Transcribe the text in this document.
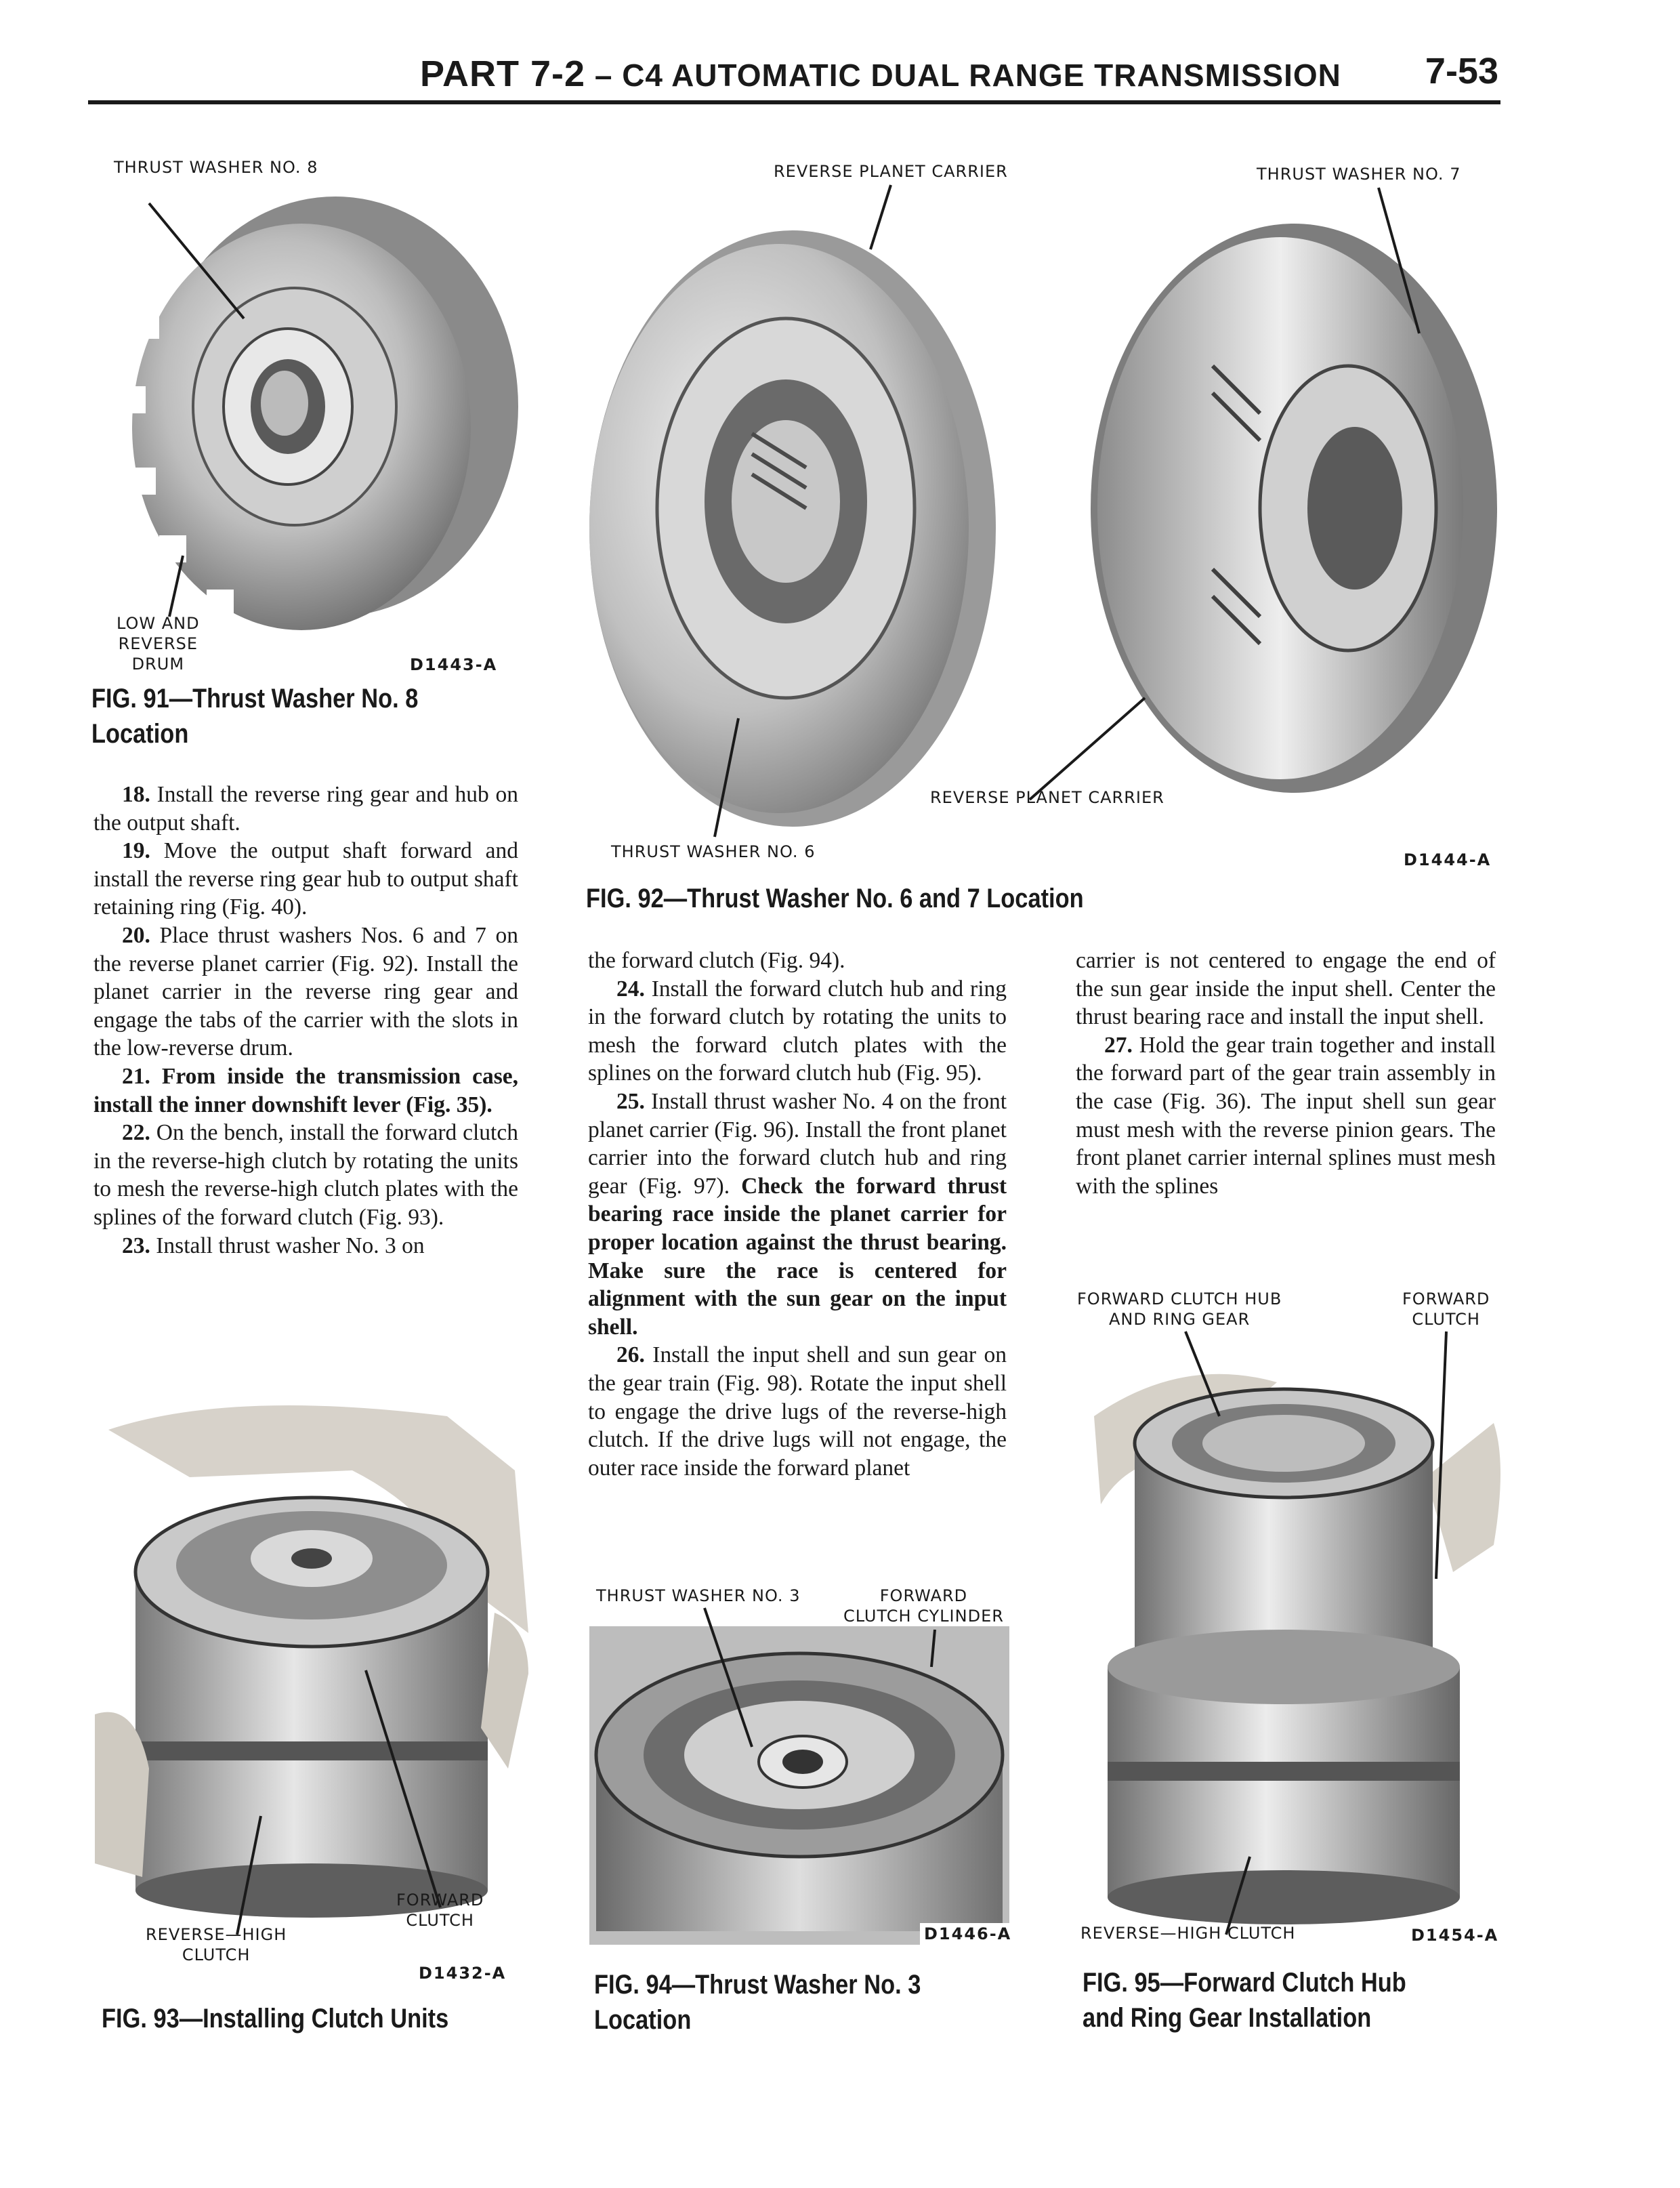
PART 7-2 – C4 AUTOMATIC DUAL RANGE TRANSMISSION 7-53
THRUST WASHER NO. 8
LOW AND
REVERSE
DRUM	D1443-A
FIG. 91—Thrust Washer No. 8
Location
REVERSE PLANET CARRIER	THRUST WASHER NO. 7
REVERSE PLANET CARRIER
THRUST WASHER NO. 6	D1444-A
FIG. 92—Thrust Washer No. 6 and 7 Location

18. Install the reverse ring gear and hub on the output shaft.

19. Move the output shaft forward and install the reverse ring gear hub to output shaft retaining ring (Fig. 40).

20. Place thrust washers Nos. 6 and 7 on the reverse planet carrier (Fig. 92). Install the planet carrier in the reverse ring gear and engage the tabs of the carrier with the slots in the low-reverse drum.

21. From inside the transmission case, install the inner downshift lever (Fig. 35).

22. On the bench, install the forward clutch in the reverse-high clutch by rotating the units to mesh the reverse-high clutch plates with the splines of the forward clutch (Fig. 93).

23. Install thrust washer No. 3 on

the forward clutch (Fig. 94).

24. Install the forward clutch hub and ring in the forward clutch by rotating the units to mesh the forward clutch plates with the splines on the forward clutch hub (Fig. 95).

25. Install thrust washer No. 4 on the front planet carrier (Fig. 96). Install the front planet carrier into the forward clutch hub and ring gear (Fig. 97). Check the forward thrust bearing race inside the planet carrier for proper location against the thrust bearing. Make sure the race is centered for alignment with the sun gear on the input shell.

26. Install the input shell and sun gear on the gear train (Fig. 98). Rotate the input shell to engage the drive lugs of the reverse-high clutch. If the drive lugs will not engage, the outer race inside the forward planet

carrier is not centered to engage the end of the sun gear inside the input shell. Center the thrust bearing race and install the input shell.

27. Hold the gear train together and install the forward part of the gear train assembly in the case (Fig. 36). The input shell sun gear must mesh with the reverse pinion gears. The front planet carrier internal splines must mesh with the splines

FORWARD
CLUTCH
REVERSE—HIGH
CLUTCH
D1432-A
FIG. 93—Installing Clutch Units
THRUST WASHER NO. 3	FORWARD
CLUTCH CYLINDER
D1446-A
FIG. 94—Thrust Washer No. 3
Location
FORWARD CLUTCH HUB
AND RING GEAR
FORWARD
CLUTCH
REVERSE—HIGH CLUTCH	D1454-A
FIG. 95—Forward Clutch Hub
and Ring Gear Installation
